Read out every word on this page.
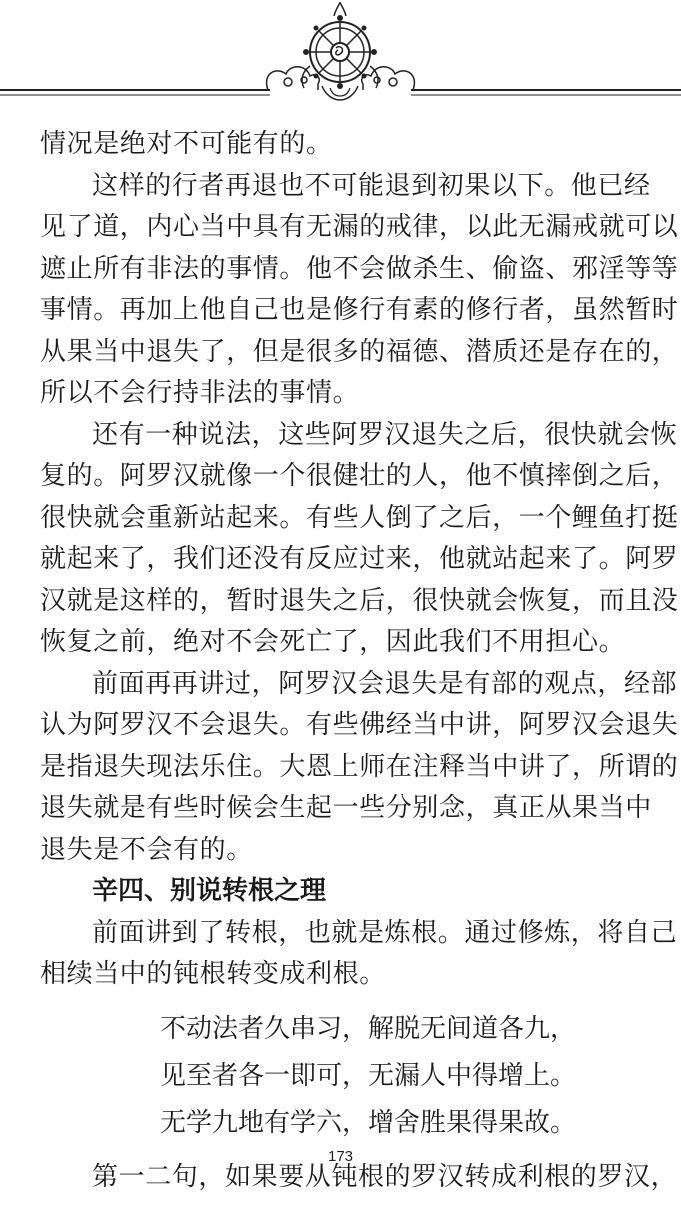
情况是绝对不可能有的。
这样的行者再退也不可能退到初果以下。他已经
见了道，内心当中具有无漏的戒律，以此无漏戒就可以
遮止所有非法的事情。他不会做杀生、偷盗、邪淫等等
事情。再加上他自己也是修行有素的修行者，虽然暂时
从果当中退失了，但是很多的福德、潜质还是存在的，
所以不会行持非法的事情。
还有一种说法，这些阿罗汉退失之后，很快就会恢
复的。阿罗汉就像一个很健壮的人，他不慎摔倒之后，
很快就会重新站起来。有些人倒了之后，一个鲤鱼打挺
就起来了，我们还没有反应过来，他就站起来了。阿罗
汉就是这样的，暂时退失之后，很快就会恢复，而且没
恢复之前，绝对不会死亡了，因此我们不用担心。
前面再再讲过，阿罗汉会退失是有部的观点，经部
认为阿罗汉不会退失。有些佛经当中讲，阿罗汉会退失
是指退失现法乐住。大恩上师在注释当中讲了，所谓的
退失就是有些时候会生起一些分别念，真正从果当中
退失是不会有的。
辛四、别说转根之理
前面讲到了转根，也就是炼根。通过修炼，将自己
相续当中的钝根转变成利根。
不动法者久串习，解脱无间道各九，
见至者各一即可，无漏人中得增上。
无学九地有学六，增舍胜果得果故。
第一二句，如果要从钝根的罗汉转成利根的罗汉，
173
